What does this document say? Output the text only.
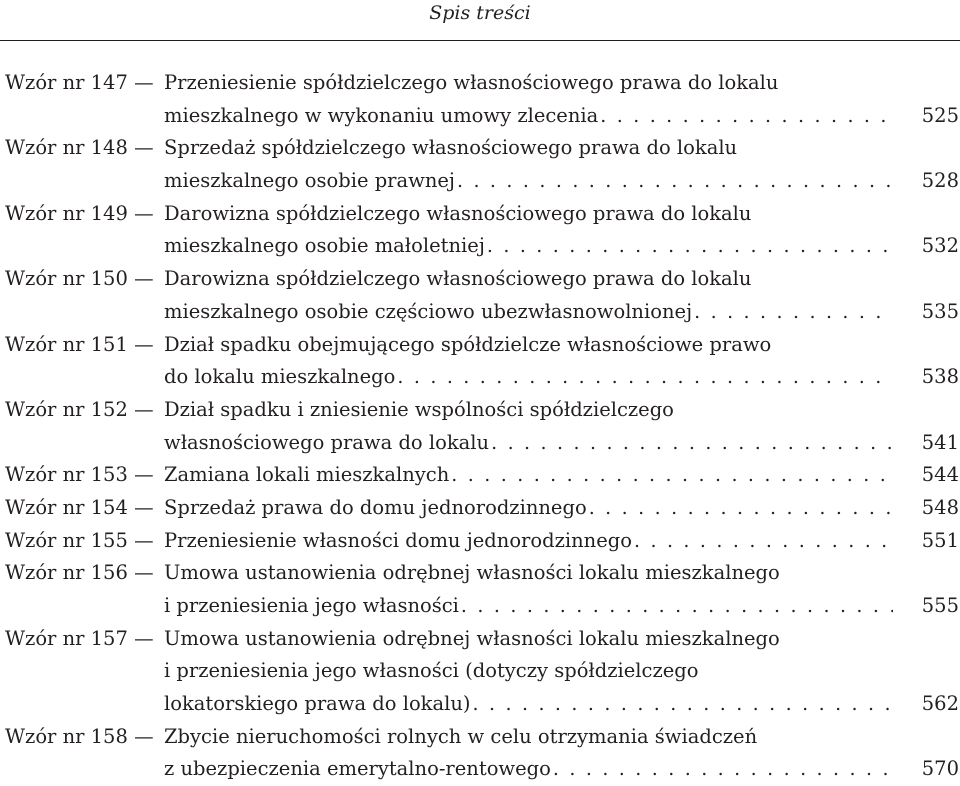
Spis treści
Wzór nr 147 — Przeniesienie spółdzielczego własnościowego prawa do lokalu
mieszkalnego w wykonaniu umowy zlecenia . . .	525
Wzór nr 148 — Sprzedaż spółdzielczego własnościowego prawa do lokalu
mieszkalnego osobie prawnej . . .	528
Wzór nr 149 — Darowizna spółdzielczego własnościowego prawa do lokalu
mieszkalnego osobie małoletniej . . .	532
Wzór nr 150 — Darowizna spółdzielczego własnościowego prawa do lokalu
mieszkalnego osobie częściowo ubezwłasnowolnionej . . .	535
Wzór nr 151 — Dział spadku obejmującego spółdzielcze własnościowe prawo
do lokalu mieszkalnego . . .	538
Wzór nr 152 — Dział spadku i zniesienie wspólności spółdzielczego
własnościowego prawa do lokalu . . .	541
Wzór nr 153 — Zamiana lokali mieszkalnych . . .	544
Wzór nr 154 — Sprzedaż prawa do domu jednorodzinnego . . .	548
Wzór nr 155 — Przeniesienie własności domu jednorodzinnego . . .	551
Wzór nr 156 — Umowa ustanowienia odrębnej własności lokalu mieszkalnego
i przeniesienia jego własności . . .	555
Wzór nr 157 — Umowa ustanowienia odrębnej własności lokalu mieszkalnego
i przeniesienia jego własności (dotyczy spółdzielczego
lokatorskiego prawa do lokalu) . . .	562
Wzór nr 158 — Zbycie nieruchomości rolnych w celu otrzymania świadczeń
z ubezpieczenia emerytalno-rentowego . . .	570
